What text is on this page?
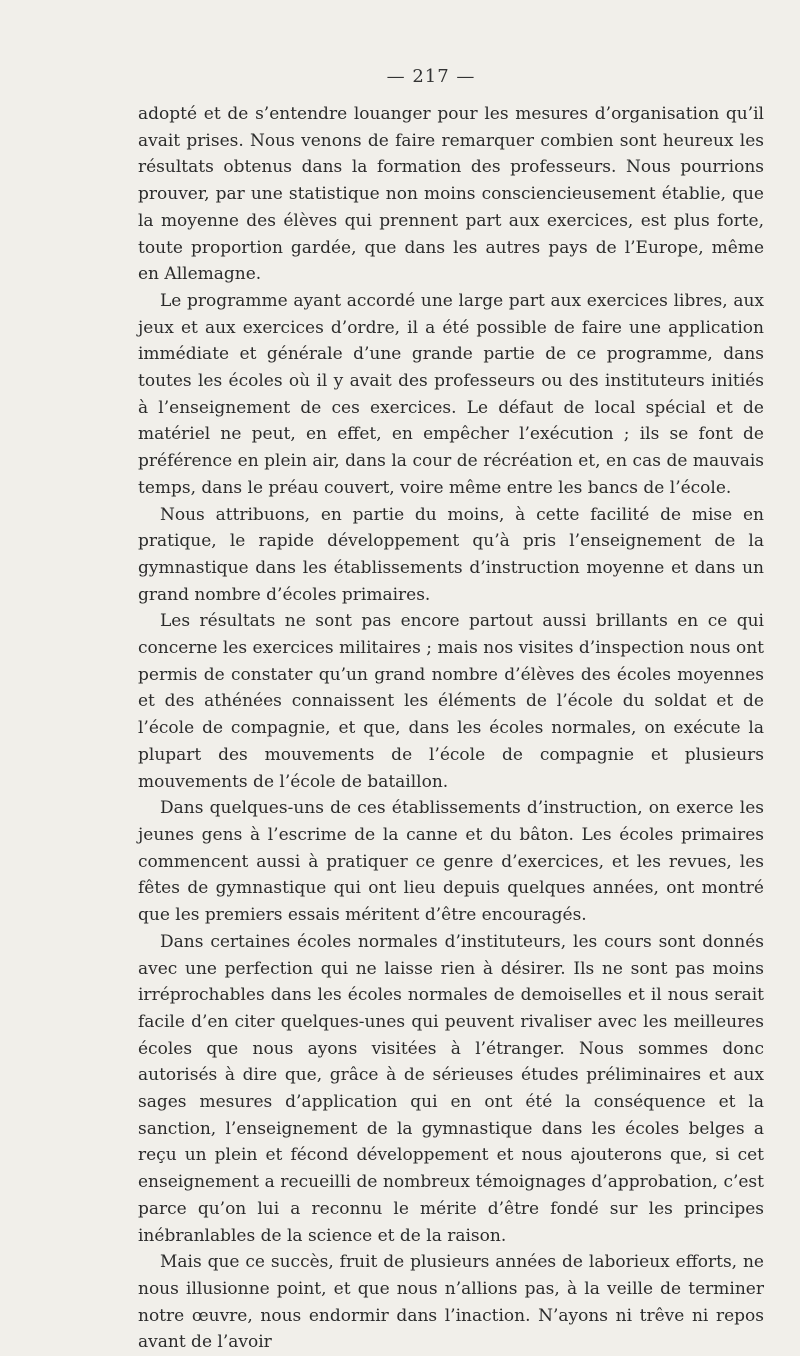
— 217 —

adopté et de s’entendre louanger pour les mesures d’organisation qu’il avait prises. Nous venons de faire remarquer combien sont heureux les résultats obtenus dans la formation des professeurs. Nous pourrions prouver, par une statistique non moins consciencieusement établie, que la moyenne des élèves qui prennent part aux exercices, est plus forte, toute proportion gardée, que dans les autres pays de l’Europe, même en Allemagne.

Le programme ayant accordé une large part aux exercices libres, aux jeux et aux exercices d’ordre, il a été possible de faire une application immédiate et générale d’une grande partie de ce programme, dans toutes les écoles où il y avait des professeurs ou des instituteurs initiés à l’enseignement de ces exercices. Le défaut de local spécial et de matériel ne peut, en effet, en empêcher l’exécution ; ils se font de préférence en plein air, dans la cour de récréation et, en cas de mauvais temps, dans le préau couvert, voire même entre les bancs de l’école.

Nous attribuons, en partie du moins, à cette facilité de mise en pratique, le rapide développement qu’à pris l’enseignement de la gymnastique dans les établissements d’instruction moyenne et dans un grand nombre d’écoles primaires.

Les résultats ne sont pas encore partout aussi brillants en ce qui concerne les exercices militaires ; mais nos visites d’inspection nous ont permis de constater qu’un grand nombre d’élèves des écoles moyennes et des athénées connaissent les éléments de l’école du soldat et de l’école de compagnie, et que, dans les écoles normales, on exécute la plupart des mouvements de l’école de compagnie et plusieurs mouvements de l’école de bataillon.

Dans quelques-uns de ces établissements d’instruction, on exerce les jeunes gens à l’escrime de la canne et du bâton. Les écoles primaires commencent aussi à pratiquer ce genre d’exercices, et les revues, les fêtes de gymnastique qui ont lieu depuis quelques années, ont montré que les premiers essais méritent d’être encouragés.

Dans certaines écoles normales d’instituteurs, les cours sont donnés avec une perfection qui ne laisse rien à désirer. Ils ne sont pas moins irréprochables dans les écoles normales de demoiselles et il nous serait facile d’en citer quelques-unes qui peuvent rivaliser avec les meilleures écoles que nous ayons visitées à l’étranger. Nous sommes donc autorisés à dire que, grâce à de sérieuses études préliminaires et aux sages mesures d’application qui en ont été la conséquence et la sanction, l’enseignement de la gymnastique dans les écoles belges a reçu un plein et fécond développement et nous ajouterons que, si cet enseignement a recueilli de nombreux témoignages d’approbation, c’est parce qu’on lui a reconnu le mérite d’être fondé sur les principes inébranlables de la science et de la raison.

Mais que ce succès, fruit de plusieurs années de laborieux efforts, ne nous illusionne point, et que nous n’allions pas, à la veille de terminer notre œuvre, nous endormir dans l’inaction. N’ayons ni trêve ni repos avant de l’avoir
